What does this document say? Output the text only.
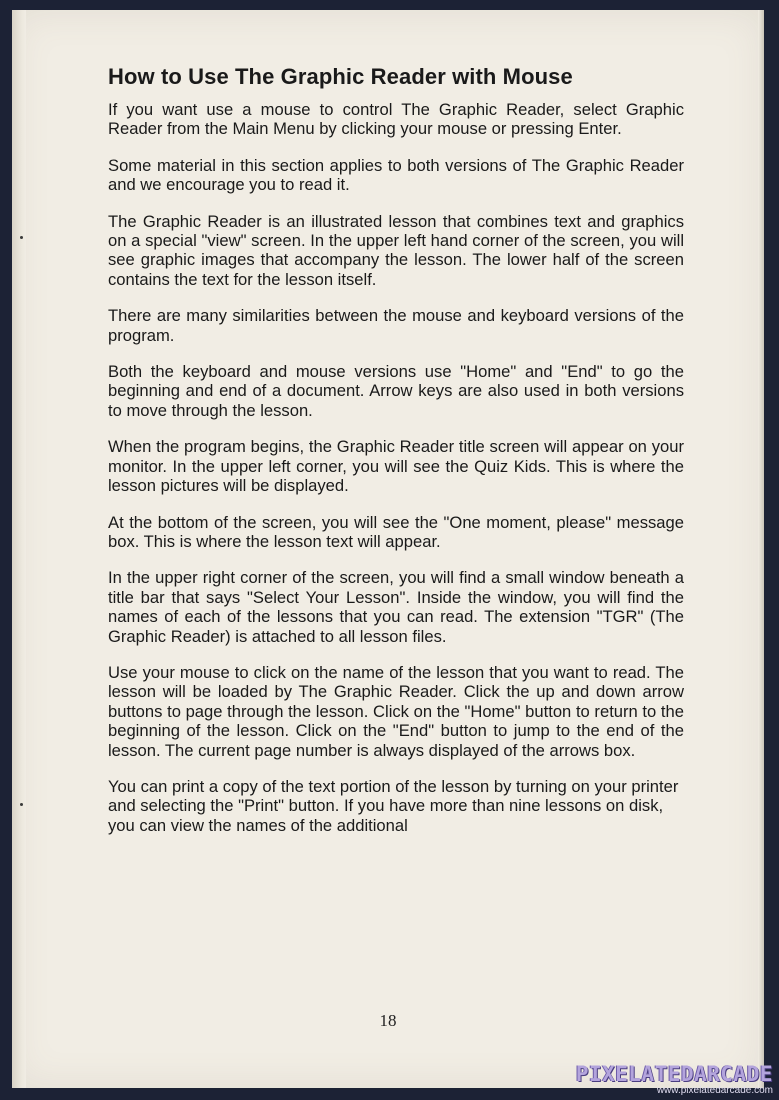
How to Use The Graphic Reader with Mouse

If you want use a mouse to control The Graphic Reader, select Graphic Reader from the Main Menu by clicking your mouse or pressing Enter.

Some material in this section applies to both versions of The Graphic Reader and we encourage you to read it.

The Graphic Reader is an illustrated lesson that combines text and graphics on a special "view" screen. In the upper left hand corner of the screen, you will see graphic images that accompany the lesson. The lower half of the screen contains the text for the lesson itself.

There are many similarities between the mouse and keyboard versions of the program.

Both the keyboard and mouse versions use "Home" and "End" to go the beginning and end of a document. Arrow keys are also used in both versions to move through the lesson.

When the program begins, the Graphic Reader title screen will appear on your monitor. In the upper left corner, you will see the Quiz Kids. This is where the lesson pictures will be displayed.

At the bottom of the screen, you will see the "One moment, please" message box. This is where the lesson text will appear.

In the upper right corner of the screen, you will find a small window beneath a title bar that says "Select Your Lesson". Inside the window, you will find the names of each of the lessons that you can read. The extension "TGR" (The Graphic Reader) is attached to all lesson files.

Use your mouse to click on the name of the lesson that you want to read. The lesson will be loaded by The Graphic Reader. Click the up and down arrow buttons to page through the lesson. Click on the "Home" button to return to the beginning of the lesson. Click on the "End" button to jump to the end of the lesson. The current page number is always displayed of the arrows box.

You can print a copy of the text portion of the lesson by turning on your printer and selecting the "Print" button. If you have more than nine lessons on disk, you can view the names of the additional

18
PIXELATEDARCADE
www.pixelatedarcade.com
